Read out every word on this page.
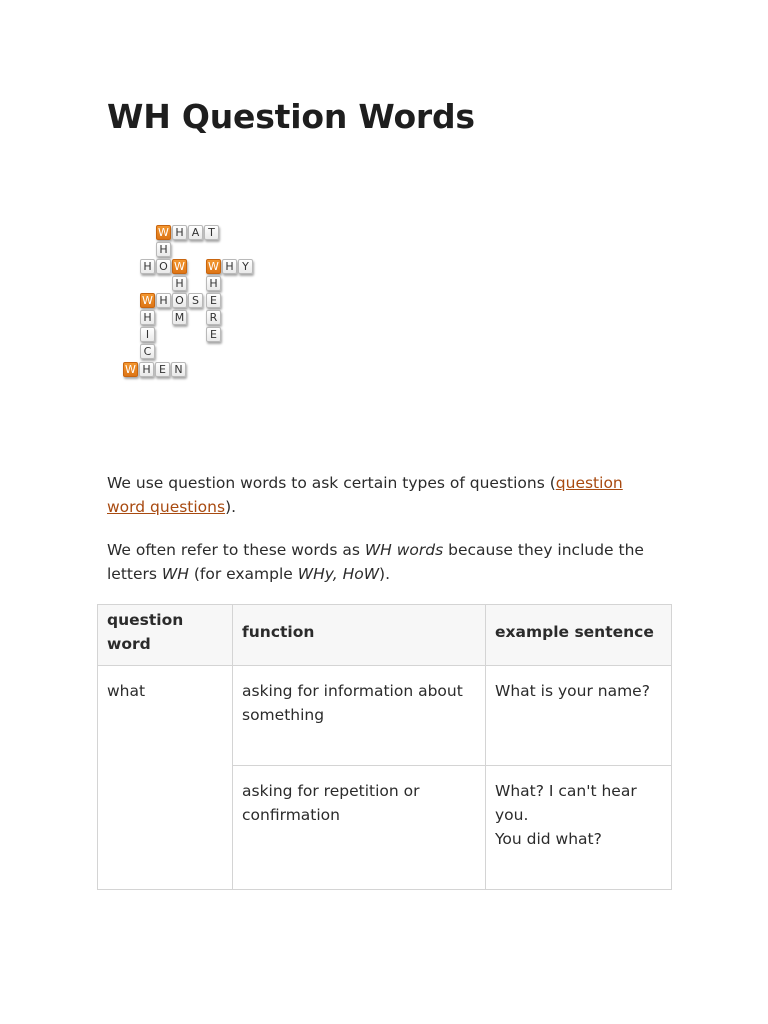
WH Question Words
W H A T
H
H O W W H Y
H	H
W H O S	E
H	M	R
I	E
C
W H E N

We use question words to ask certain types of questions (question word questions).

We often refer to these words as WH words because they include the letters WH (for example WHy, HoW).

question word	function	example sentence
what	asking for information about something	What is your name?

	asking for repetition or confirmation	What? I can't hear you.
You did what?
